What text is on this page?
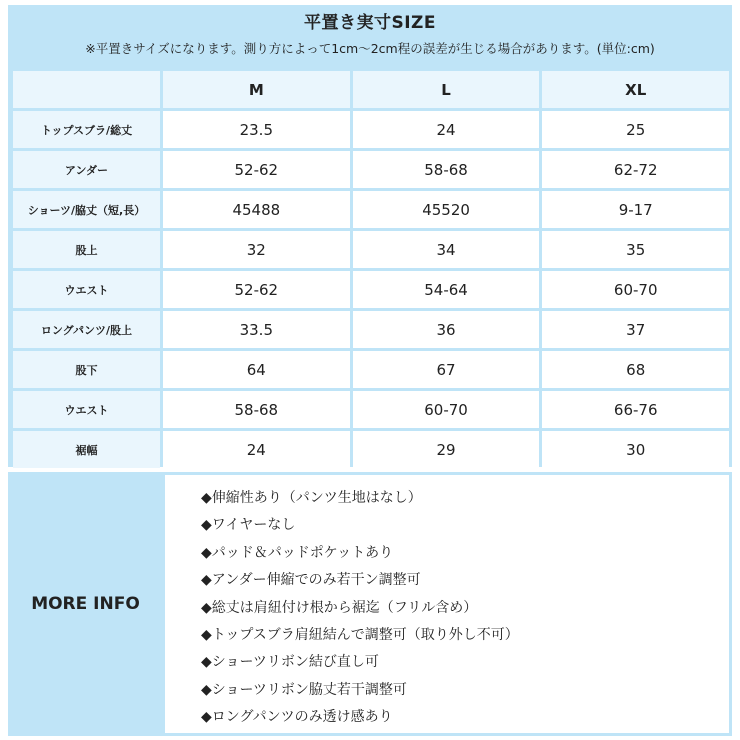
平置き実寸SIZE
※平置きサイズになります。測り方によって1cm～2cm程の誤差が生じる場合があります。(単位:cm)
	M	L	XL
トップスブラ/総丈	23.5	24	25
アンダー	52-62	58-68	62-72
ショーツ/脇丈（短,長）	45488	45520	9-17
股上	32	34	35
ウエスト	52-62	54-64	60-70
ロングパンツ/股上	33.5	36	37
股下	64	67	68
ウエスト	58-68	60-70	66-76
裾幅	24	29	30
MORE INFO
◆伸縮性あり（パンツ生地はなし）
◆ワイヤーなし
◆パッド＆パッドポケットあり
◆アンダー伸縮でのみ若干ン調整可
◆総丈は肩紐付け根から裾迄（フリル含め）
◆トップスブラ肩紐結んで調整可（取り外し不可）
◆ショーツリボン結び直し可
◆ショーツリボン脇丈若干調整可
◆ロングパンツのみ透け感あり
